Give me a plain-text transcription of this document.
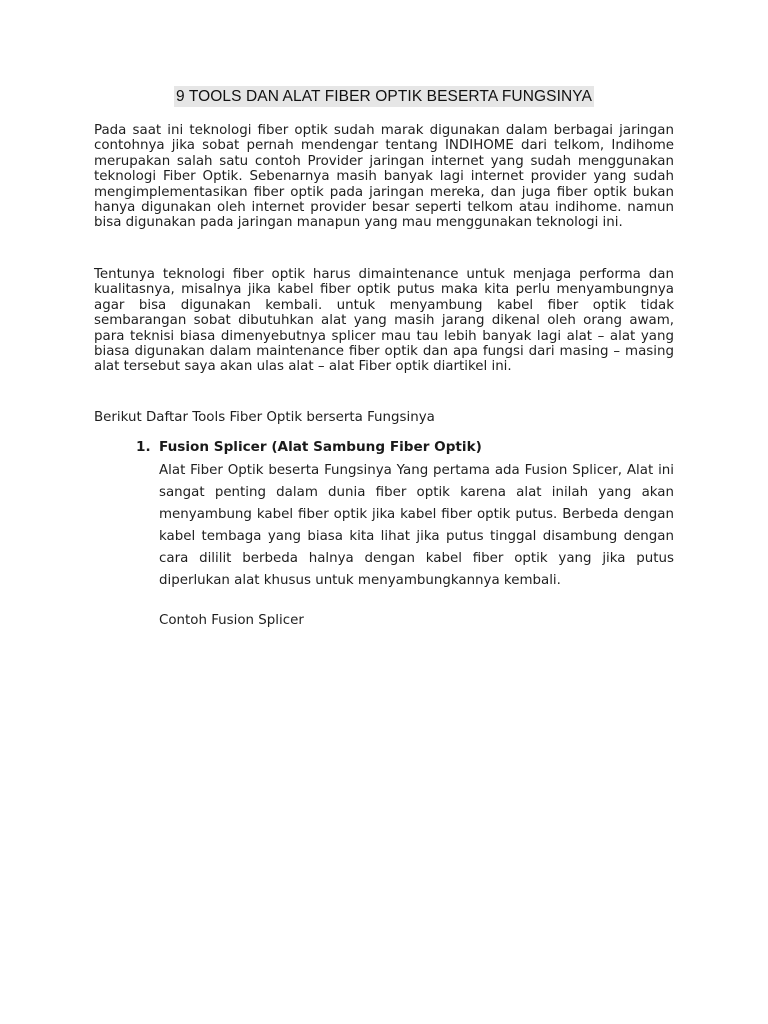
9 TOOLS DAN ALAT FIBER OPTIK BESERTA FUNGSINYA

Pada saat ini teknologi fiber optik sudah marak digunakan dalam berbagai jaringan contohnya jika sobat pernah mendengar tentang INDIHOME dari telkom, Indihome merupakan salah satu contoh Provider jaringan internet yang sudah menggunakan teknologi Fiber Optik. Sebenarnya masih banyak lagi internet provider yang sudah mengimplementasikan fiber optik pada jaringan mereka, dan juga fiber optik bukan hanya digunakan oleh internet provider besar seperti telkom atau indihome. namun bisa digunakan pada jaringan manapun yang mau menggunakan teknologi ini.

Tentunya teknologi fiber optik harus dimaintenance untuk menjaga performa dan kualitasnya, misalnya jika kabel fiber optik putus maka kita perlu menyambungnya agar bisa digunakan kembali. untuk menyambung kabel fiber optik tidak sembarangan sobat dibutuhkan alat yang masih jarang dikenal oleh orang awam, para teknisi biasa dimenyebutnya splicer mau tau lebih banyak lagi alat – alat yang biasa digunakan dalam maintenance fiber optik dan apa fungsi dari masing – masing alat tersebut saya akan ulas alat – alat Fiber optik diartikel ini.

Berikut Daftar Tools Fiber Optik berserta Fungsinya

1. Fusion Splicer (Alat Sambung Fiber Optik)

Alat Fiber Optik beserta Fungsinya Yang pertama ada Fusion Splicer, Alat ini sangat penting dalam dunia fiber optik karena alat inilah yang akan menyambung kabel fiber optik jika kabel fiber optik putus. Berbeda dengan kabel tembaga yang biasa kita lihat jika putus tinggal disambung dengan cara dililit berbeda halnya dengan kabel fiber optik yang jika putus diperlukan alat khusus untuk menyambungkannya kembali.

Contoh Fusion Splicer
